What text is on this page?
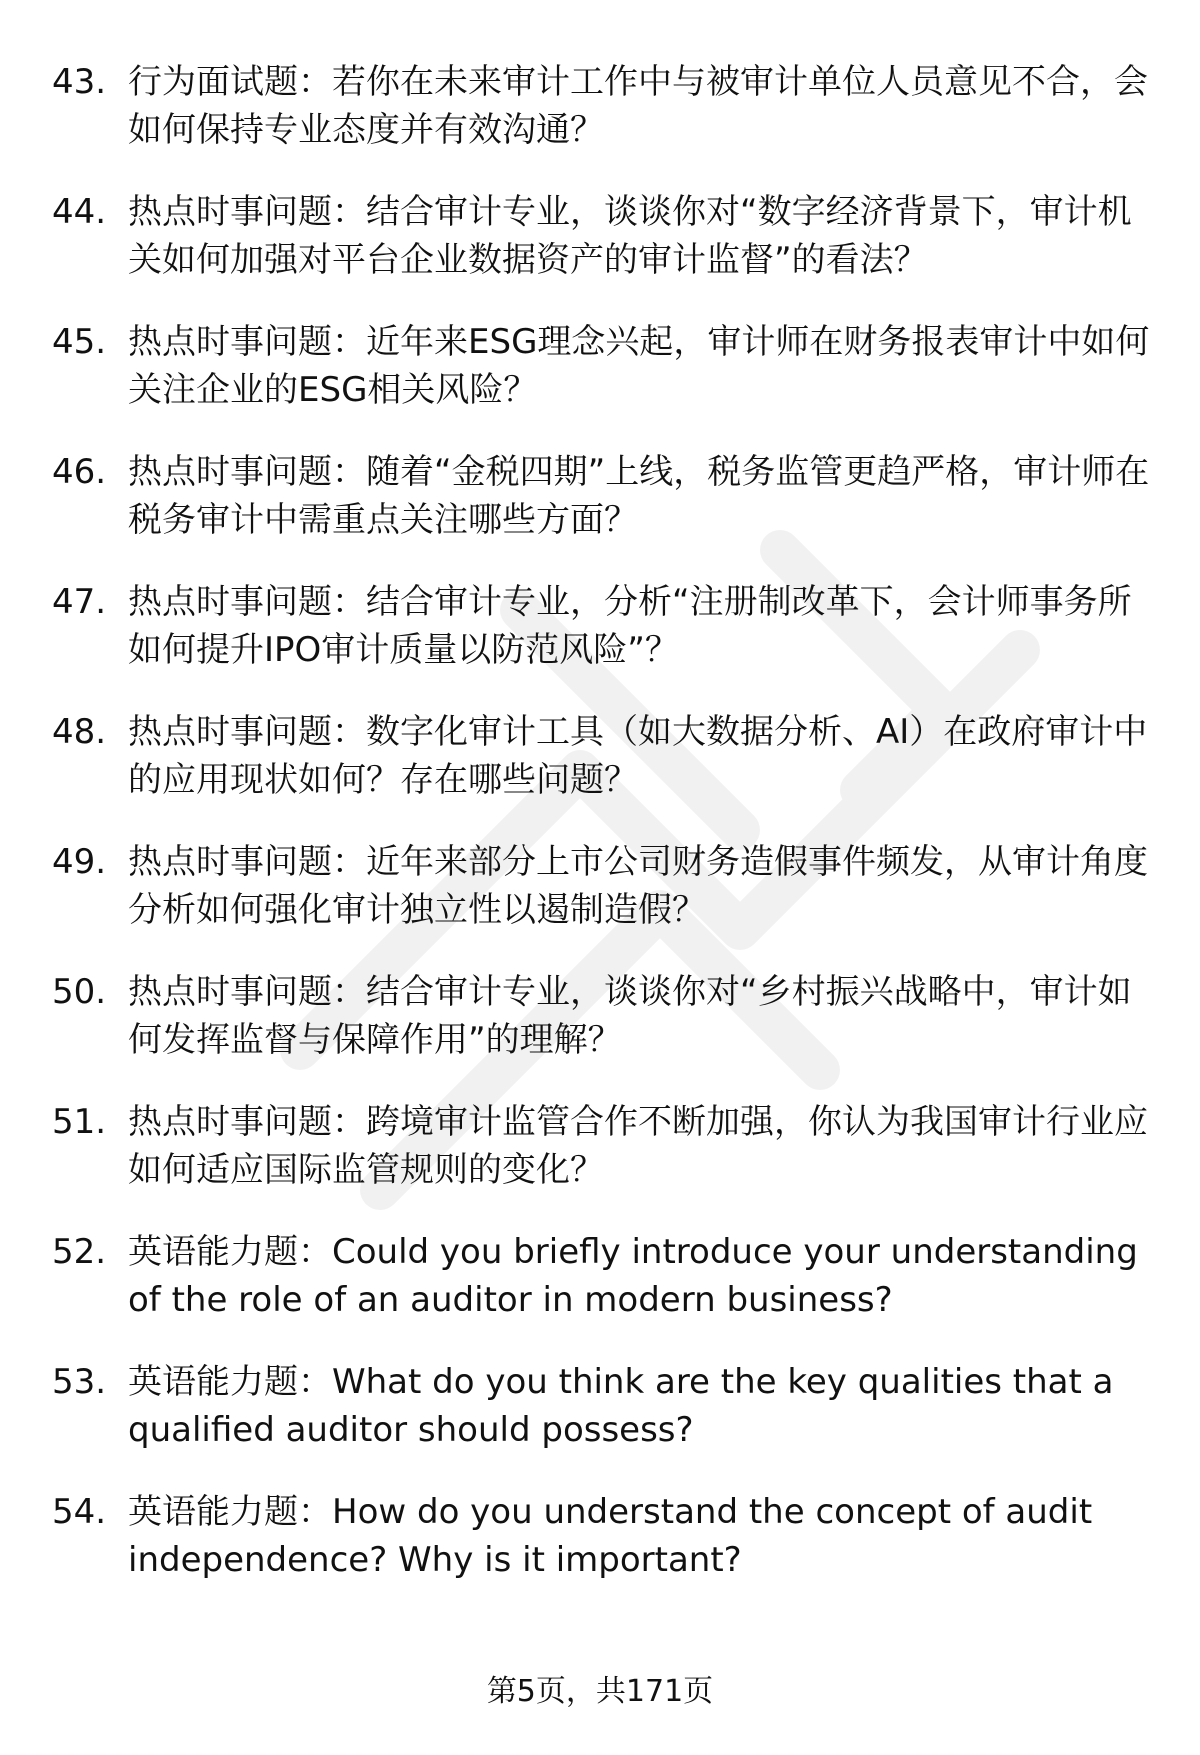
43. 行为面试题：若你在未来审计工作中与被审计单位人员意见不合，会如何保持专业态度并有效沟通？
44. 热点时事问题：结合审计专业，谈谈你对“数字经济背景下，审计机关如何加强对平台企业数据资产的审计监督”的看法？
45. 热点时事问题：近年来ESG理念兴起，审计师在财务报表审计中如何关注企业的ESG相关风险？
46. 热点时事问题：随着“金税四期”上线，税务监管更趋严格，审计师在税务审计中需重点关注哪些方面？
47. 热点时事问题：结合审计专业，分析“注册制改革下，会计师事务所如何提升IPO审计质量以防范风险”？
48. 热点时事问题：数字化审计工具（如大数据分析、AI）在政府审计中的应用现状如何？存在哪些问题？
49. 热点时事问题：近年来部分上市公司财务造假事件频发，从审计角度分析如何强化审计独立性以遏制造假？
50. 热点时事问题：结合审计专业，谈谈你对“乡村振兴战略中，审计如何发挥监督与保障作用”的理解？
51. 热点时事问题：跨境审计监管合作不断加强，你认为我国审计行业应如何适应国际监管规则的变化？
52. 英语能力题：Could you briefly introduce your understanding of the role of an auditor in modern business?
53. 英语能力题：What do you think are the key qualities that a qualified auditor should possess?
54. 英语能力题：How do you understand the concept of audit independence? Why is it important?
第5页，共171页
